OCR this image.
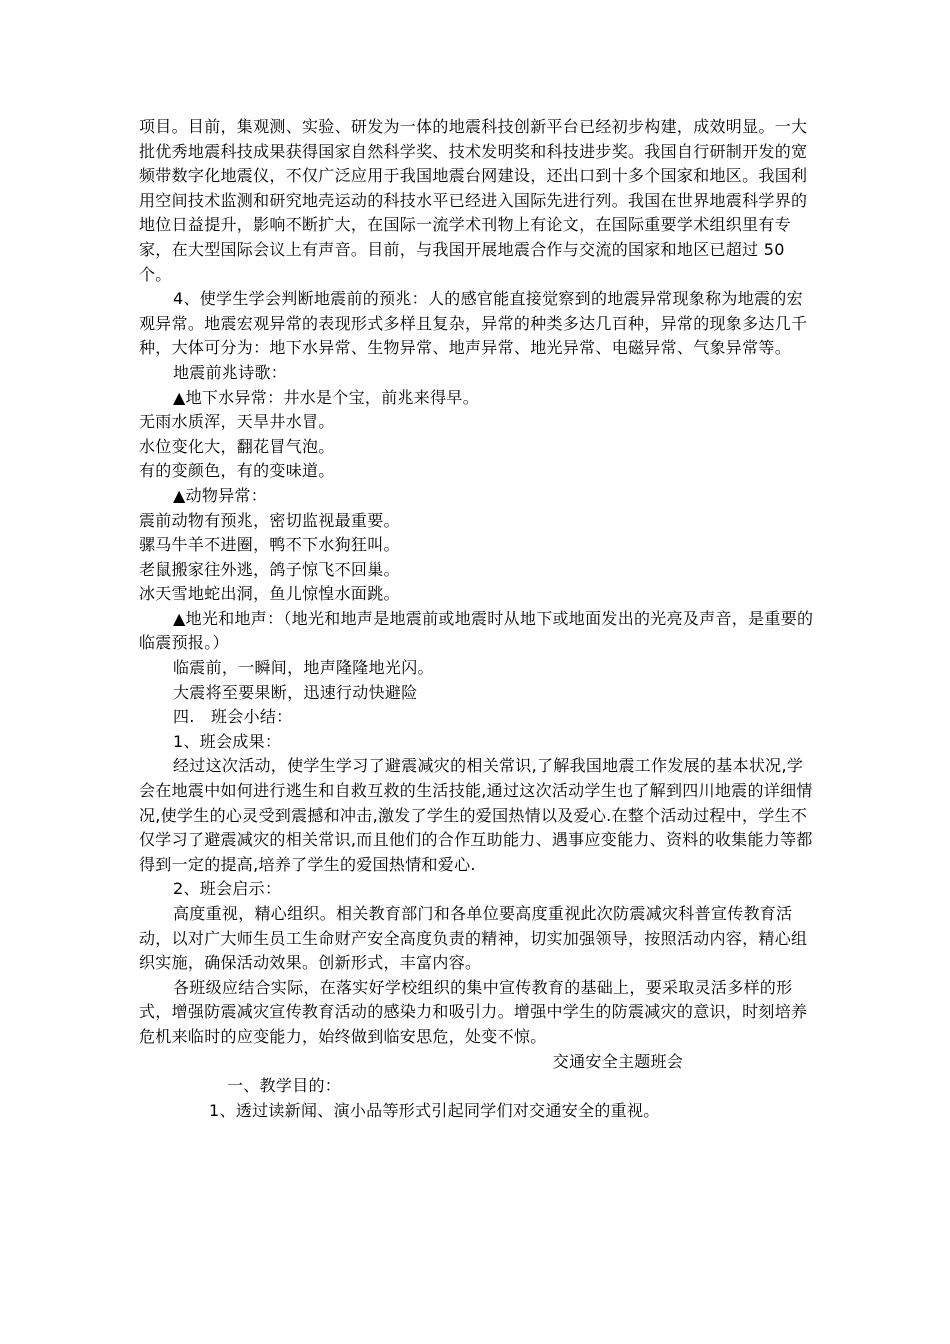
项目。目前，集观测、实验、研发为一体的地震科技创新平台已经初步构建，成效明显。一大批优秀地震科技成果获得国家自然科学奖、技术发明奖和科技进步奖。我国自行研制开发的宽频带数字化地震仪，不仅广泛应用于我国地震台网建设，还出口到十多个国家和地区。我国利用空间技术监测和研究地壳运动的科技水平已经进入国际先进行列。我国在世界地震科学界的地位日益提升，影响不断扩大，在国际一流学术刊物上有论文，在国际重要学术组织里有专家，在大型国际会议上有声音。目前，与我国开展地震合作与交流的国家和地区已超过 50 个。

4、使学生学会判断地震前的预兆：人的感官能直接觉察到的地震异常现象称为地震的宏观异常。地震宏观异常的表现形式多样且复杂，异常的种类多达几百种，异常的现象多达几千种，大体可分为：地下水异常、生物异常、地声异常、地光异常、电磁异常、气象异常等。

地震前兆诗歌：

▲地下水异常：井水是个宝，前兆来得早。

无雨水质浑，天旱井水冒。

水位变化大，翻花冒气泡。

有的变颜色，有的变味道。

▲动物异常：

震前动物有预兆，密切监视最重要。

骡马牛羊不进圈，鸭不下水狗狂叫。

老鼠搬家往外逃，鸽子惊飞不回巢。

冰天雪地蛇出洞，鱼儿惊惶水面跳。

▲地光和地声：（地光和地声是地震前或地震时从地下或地面发出的光亮及声音，是重要的临震预报。）

临震前，一瞬间，地声隆隆地光闪。

大震将至要果断，迅速行动快避险

四.　班会小结：

1、班会成果：

经过这次活动，使学生学习了避震减灾的相关常识,了解我国地震工作发展的基本状况,学会在地震中如何进行逃生和自救互救的生活技能,通过这次活动学生也了解到四川地震的详细情况,使学生的心灵受到震撼和冲击,激发了学生的爱国热情以及爱心.在整个活动过程中，学生不仅学习了避震减灾的相关常识,而且他们的合作互助能力、遇事应变能力、资料的收集能力等都得到一定的提高,培养了学生的爱国热情和爱心.

2、班会启示：

高度重视，精心组织。相关教育部门和各单位要高度重视此次防震减灾科普宣传教育活动，以对广大师生员工生命财产安全高度负责的精神，切实加强领导，按照活动内容，精心组织实施，确保活动效果。创新形式，丰富内容。

各班级应结合实际，在落实好学校组织的集中宣传教育的基础上，要采取灵活多样的形式，增强防震减灾宣传教育活动的感染力和吸引力。增强中学生的防震减灾的意识，时刻培养危机来临时的应变能力，始终做到临安思危，处变不惊。

交通安全主题班会

一、教学目的：

1、透过读新闻、演小品等形式引起同学们对交通安全的重视。
